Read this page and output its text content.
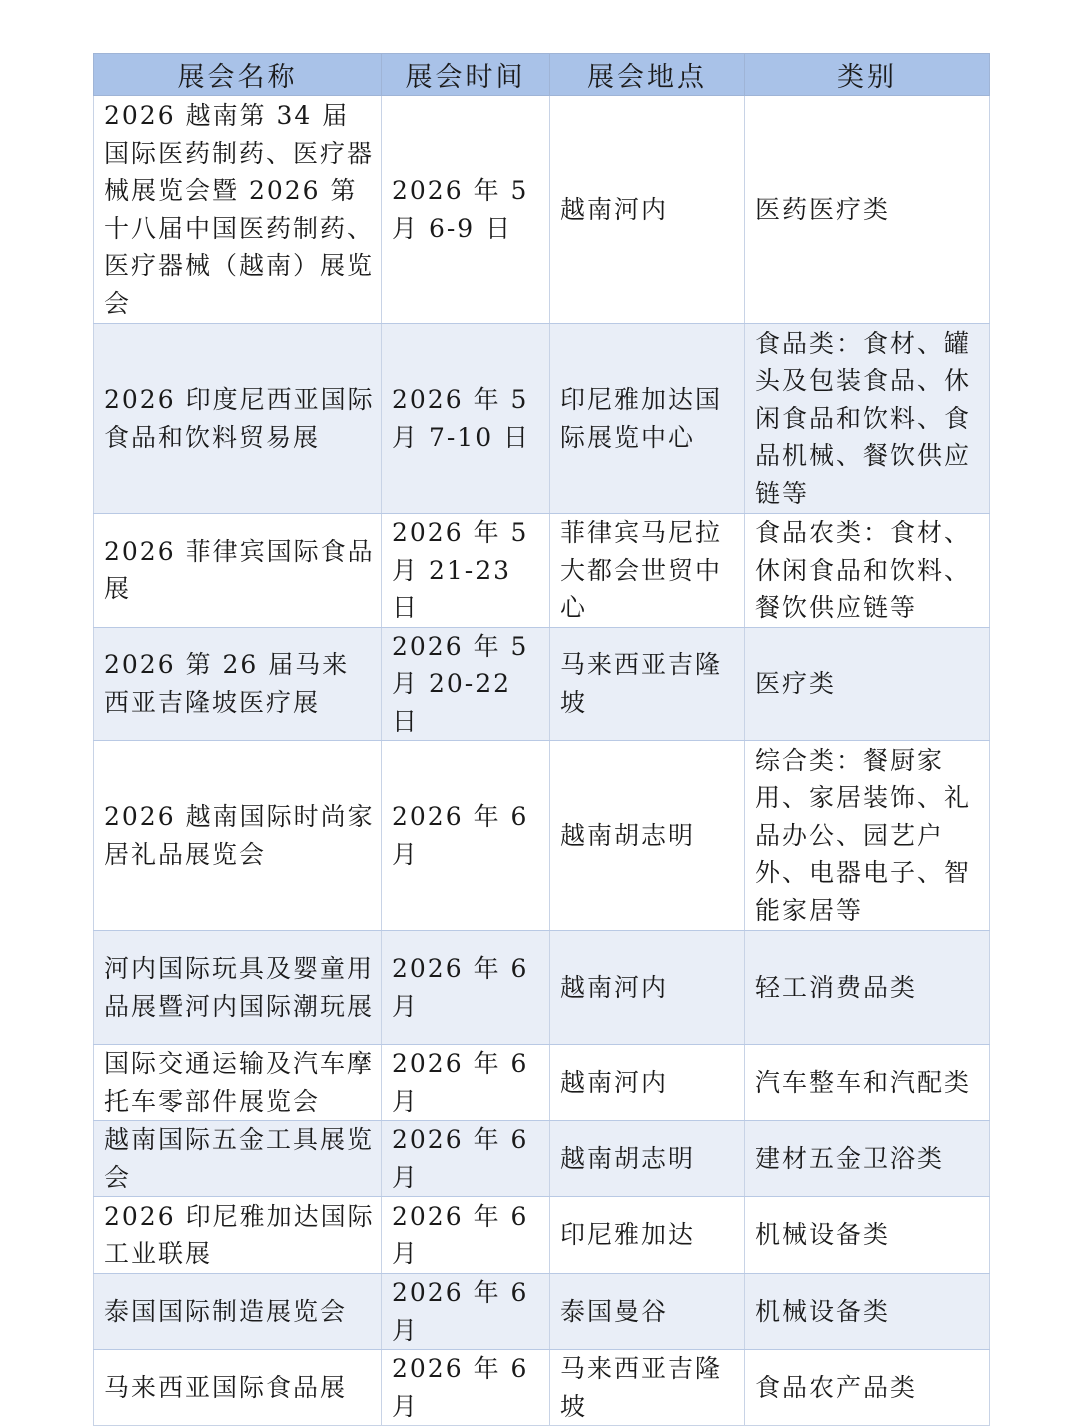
展会名称	展会时间	展会地点	类别
2026 越南第 34 届国际医药制药、医疗器械展览会暨 2026 第十八届中国医药制药、医疗器械（越南）展览会	2026 年 5 月 6-9 日	越南河内	医药医疗类
2026 印度尼西亚国际食品和饮料贸易展	2026 年 5 月 7-10 日	印尼雅加达国际展览中心	食品类：食材、罐头及包装食品、休闲食品和饮料、食品机械、餐饮供应链等
2026 菲律宾国际食品展	2026 年 5 月 21-23 日	菲律宾马尼拉大都会世贸中心	食品农类：食材、休闲食品和饮料、餐饮供应链等
2026 第 26 届马来西亚吉隆坡医疗展	2026 年 5 月 20-22 日	马来西亚吉隆坡	医疗类
2026 越南国际时尚家居礼品展览会	2026 年 6 月	越南胡志明	综合类：餐厨家用、家居装饰、礼品办公、园艺户外、电器电子、智能家居等
河内国际玩具及婴童用品展暨河内国际潮玩展	2026 年 6 月	越南河内	轻工消费品类
国际交通运输及汽车摩托车零部件展览会	2026 年 6 月	越南河内	汽车整车和汽配类
越南国际五金工具展览会	2026 年 6 月	越南胡志明	建材五金卫浴类
2026 印尼雅加达国际工业联展	2026 年 6 月	印尼雅加达	机械设备类
泰国国际制造展览会	2026 年 6 月	泰国曼谷	机械设备类
马来西亚国际食品展	2026 年 6 月	马来西亚吉隆坡	食品农产品类
